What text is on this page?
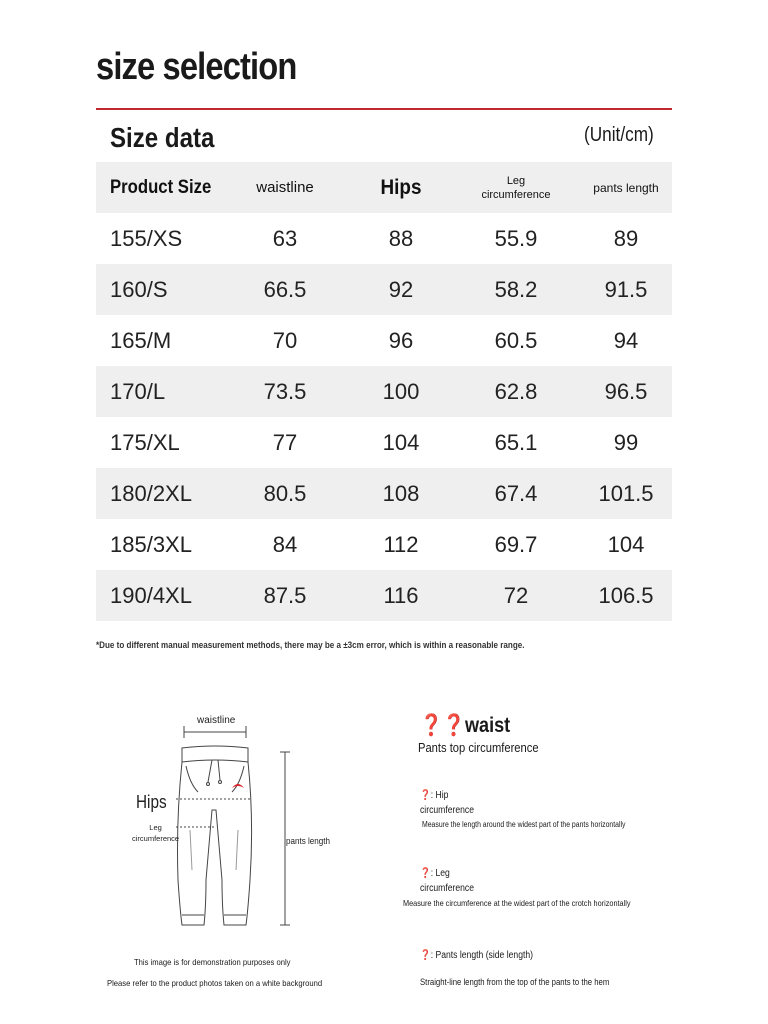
size selection
Size data	(Unit/cm)
Product Size	waistline	Hips	Leg
circumference	pants length
155/XS	63	88	55.9	89
160/S	66.5	92	58.2	91.5
165/M	70	96	60.5	94
170/L	73.5	100	62.8	96.5
175/XL	77	104	65.1	99
180/2XL	80.5	108	67.4	101.5
185/3XL	84	112	69.7	104
190/4XL	87.5	116	72	106.5
*Due to different manual measurement methods, there may be a ±3cm error, which is within a reasonable range.
waistline
Hips
Leg
circumference	pants length
This image is for demonstration purposes only
Please refer to the product photos taken on a white background
❓❓waist
Pants top circumference
❓: Hip
circumference
Measure the length around the widest part of the pants horizontally
❓: Leg
circumference
Measure the circumference at the widest part of the crotch horizontally
❓: Pants length (side length)
Straight-line length from the top of the pants to the hem
